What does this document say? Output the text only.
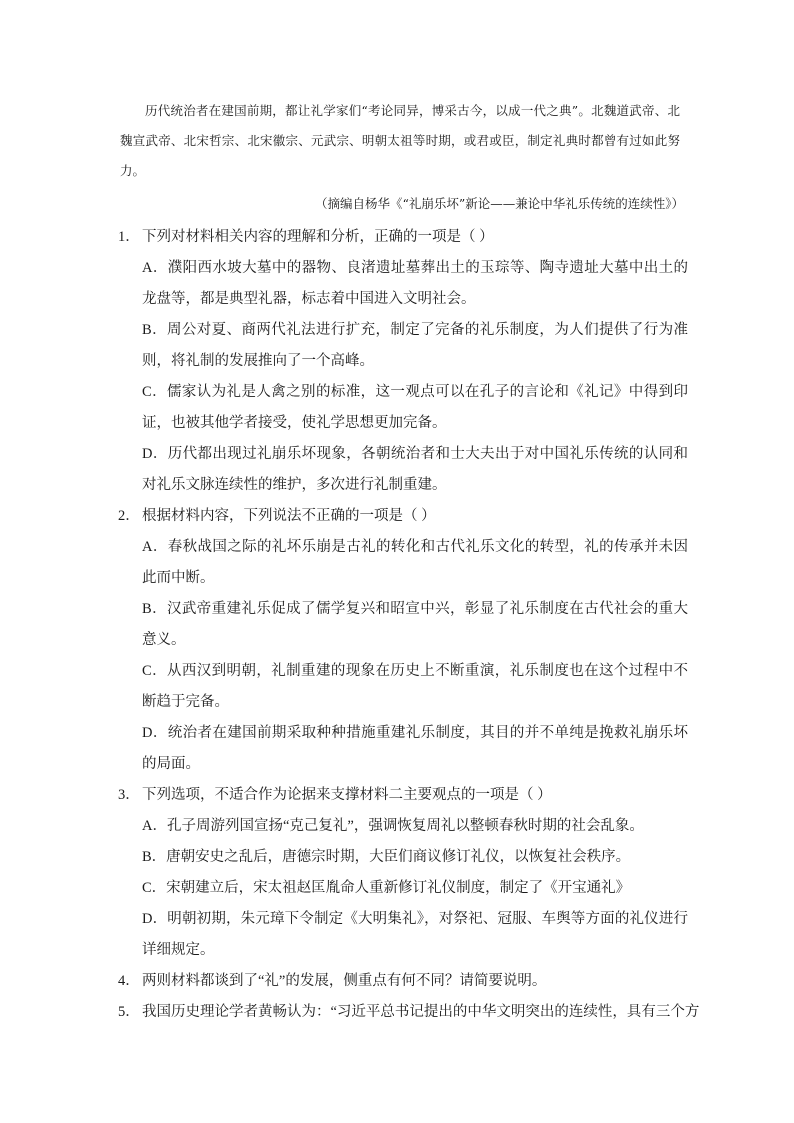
历代统治者在建国前期，都让礼学家们“考论同异，博采古今，以成一代之典”。北魏道武帝、北魏宣武帝、北宋哲宗、北宋徽宗、元武宗、明朝太祖等时期，或君或臣，制定礼典时都曾有过如此努力。
（摘编自杨华《“礼崩乐坏”新论——兼论中华礼乐传统的连续性》）
1． 下列对材料相关内容的理解和分析，正确的一项是（ ）
A．濮阳西水坡大墓中的器物、良渚遗址墓葬出土的玉琮等、陶寺遗址大墓中出土的龙盘等，都是典型礼器，标志着中国进入文明社会。
B．周公对夏、商两代礼法进行扩充，制定了完备的礼乐制度，为人们提供了行为准则，将礼制的发展推向了一个高峰。
C．儒家认为礼是人禽之别的标准，这一观点可以在孔子的言论和《礼记》中得到印证，也被其他学者接受，使礼学思想更加完备。
D．历代都出现过礼崩乐坏现象，各朝统治者和士大夫出于对中国礼乐传统的认同和对礼乐文脉连续性的维护，多次进行礼制重建。
2． 根据材料内容，下列说法不正确的一项是（ ）
A．春秋战国之际的礼坏乐崩是古礼的转化和古代礼乐文化的转型，礼的传承并未因此而中断。
B．汉武帝重建礼乐促成了儒学复兴和昭宣中兴，彰显了礼乐制度在古代社会的重大意义。
C．从西汉到明朝，礼制重建的现象在历史上不断重演，礼乐制度也在这个过程中不断趋于完备。
D．统治者在建国前期采取种种措施重建礼乐制度，其目的并不单纯是挽救礼崩乐坏的局面。
3． 下列选项，不适合作为论据来支撑材料二主要观点的一项是（ ）
A．孔子周游列国宣扬“克己复礼”，强调恢复周礼以整顿春秋时期的社会乱象。
B．唐朝安史之乱后，唐德宗时期，大臣们商议修订礼仪，以恢复社会秩序。
C．宋朝建立后，宋太祖赵匡胤命人重新修订礼仪制度，制定了《开宝通礼》
D．明朝初期，朱元璋下令制定《大明集礼》，对祭祀、冠服、车舆等方面的礼仪进行详细规定。
4． 两则材料都谈到了“礼”的发展，侧重点有何不同？请简要说明。
5． 我国历史理论学者黄畅认为：“习近平总书记提出的中华文明突出的连续性，具有三个方
